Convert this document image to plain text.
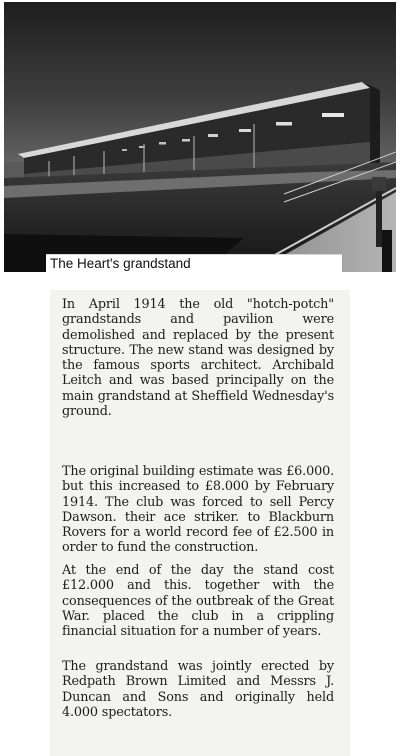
The Heart's grandstand

In April 1914 the old "hotch-potch" grandstands and pavilion were demolished and replaced by the present structure. The new stand was designed by the famous sports architect. Archibald Leitch and was based principally on the main grandstand at Sheffield Wednesday's ground.

The original building estimate was £6.000. but this increased to £8.000 by February 1914. The club was forced to sell Percy Dawson. their ace striker. to Blackburn Rovers for a world record fee of £2.500 in order to fund the construction.

At the end of the day the stand cost £12.000 and this. together with the consequences of the outbreak of the Great War. placed the club in a crippling financial situation for a number of years.

The grandstand was jointly erected by Redpath Brown Limited and Messrs J. Duncan and Sons and originally held 4.000 spectators.
